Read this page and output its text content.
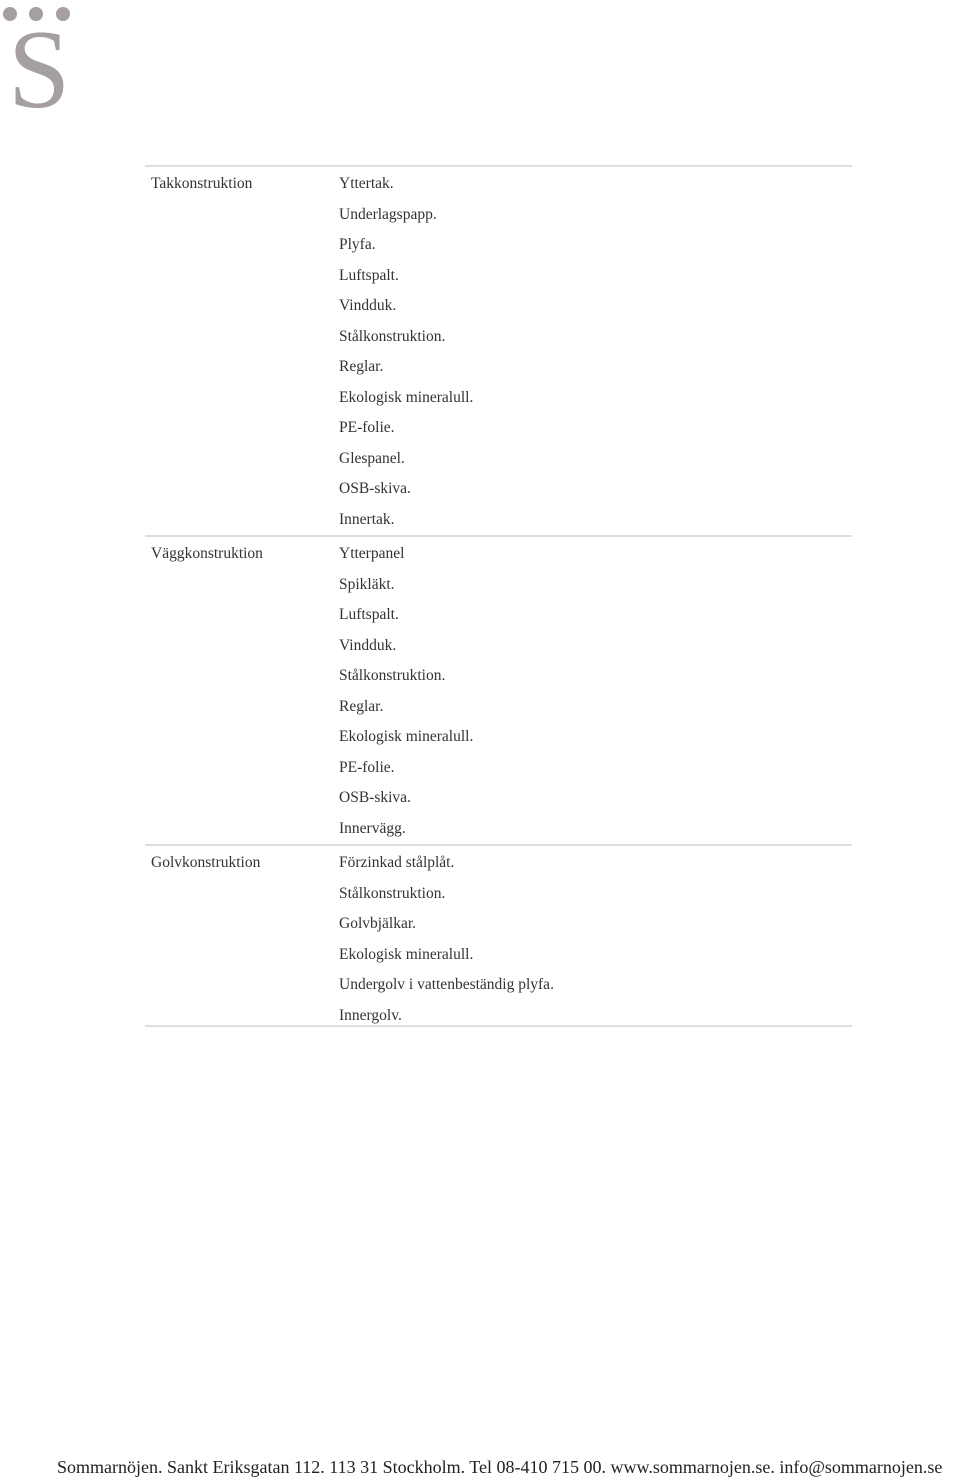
S
Takkonstruktion	Yttertak.
Underlagspapp.
Plyfa.
Luftspalt.
Vindduk.
Stålkonstruktion.
Reglar.
Ekologisk mineralull.
PE-folie.
Glespanel.
OSB-skiva.
Innertak.
Väggkonstruktion	Ytterpanel
Spikläkt.
Luftspalt.
Vindduk.
Stålkonstruktion.
Reglar.
Ekologisk mineralull.
PE-folie.
OSB-skiva.
Innervägg.
Golvkonstruktion	Förzinkad stålplåt.
Stålkonstruktion.
Golvbjälkar.
Ekologisk mineralull.
Undergolv i vattenbeständig plyfa.
Innergolv.
Sommarnöjen. Sankt Eriksgatan 112. 113 31 Stockholm. Tel 08-410 715 00. www.sommarnojen.se. info@sommarnojen.se
